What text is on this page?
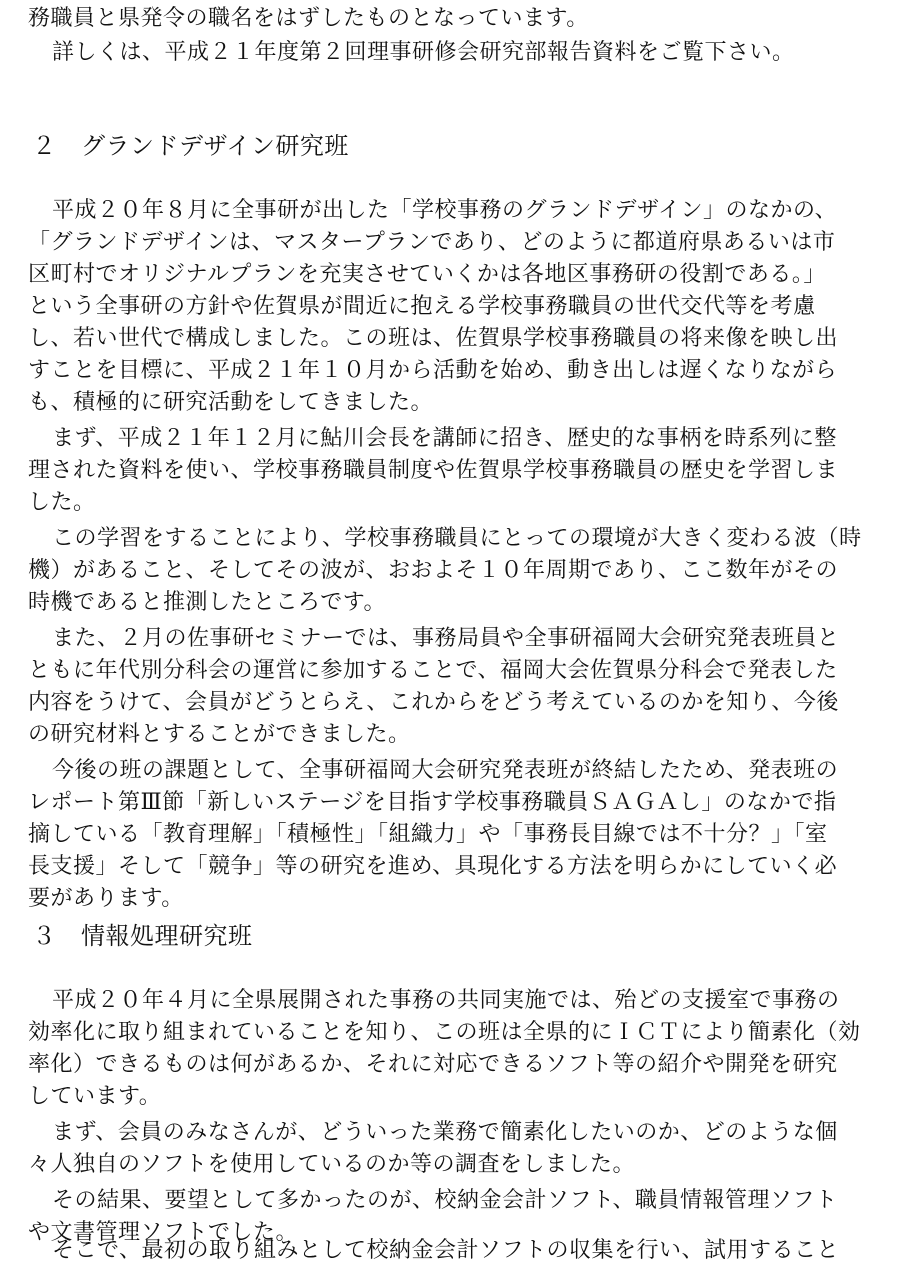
務職員と県発令の職名をはずしたものとなっています。
詳しくは、平成２１年度第２回理事研修会研究部報告資料をご覧下さい。
２　グランドデザイン研究班
平成２０年８月に全事研が出した「学校事務のグランドデザイン」のなかの、
「グランドデザインは、マスタープランであり、どのように都道府県あるいは市
区町村でオリジナルプランを充実させていくかは各地区事務研の役割である。」
という全事研の方針や佐賀県が間近に抱える学校事務職員の世代交代等を考慮
し、若い世代で構成しました。この班は、佐賀県学校事務職員の将来像を映し出
すことを目標に、平成２１年１０月から活動を始め、動き出しは遅くなりながら
も、積極的に研究活動をしてきました。
まず、平成２１年１２月に鮎川会長を講師に招き、歴史的な事柄を時系列に整
理された資料を使い、学校事務職員制度や佐賀県学校事務職員の歴史を学習しま
した。
この学習をすることにより、学校事務職員にとっての環境が大きく変わる波（時
機）があること、そしてその波が、おおよそ１０年周期であり、ここ数年がその
時機であると推測したところです。
また、２月の佐事研セミナーでは、事務局員や全事研福岡大会研究発表班員と
ともに年代別分科会の運営に参加することで、福岡大会佐賀県分科会で発表した
内容をうけて、会員がどうとらえ、これからをどう考えているのかを知り、今後
の研究材料とすることができました。
今後の班の課題として、全事研福岡大会研究発表班が終結したため、発表班の
レポート第Ⅲ節「新しいステージを目指す学校事務職員ＳＡＧＡし」のなかで指
摘している「教育理解」「積極性」「組織力」や「事務長目線では不十分？」「室
長支援」そして「競争」等の研究を進め、具現化する方法を明らかにしていく必
要があります。
３　情報処理研究班
平成２０年４月に全県展開された事務の共同実施では、殆どの支援室で事務の
効率化に取り組まれていることを知り、この班は全県的にＩＣＴにより簡素化（効
率化）できるものは何があるか、それに対応できるソフト等の紹介や開発を研究
しています。
まず、会員のみなさんが、どういった業務で簡素化したいのか、どのような個
々人独自のソフトを使用しているのか等の調査をしました。
その結果、要望として多かったのが、校納金会計ソフト、職員情報管理ソフト
や文書管理ソフトでした。
そこで、最初の取り組みとして校納金会計ソフトの収集を行い、試用すること
